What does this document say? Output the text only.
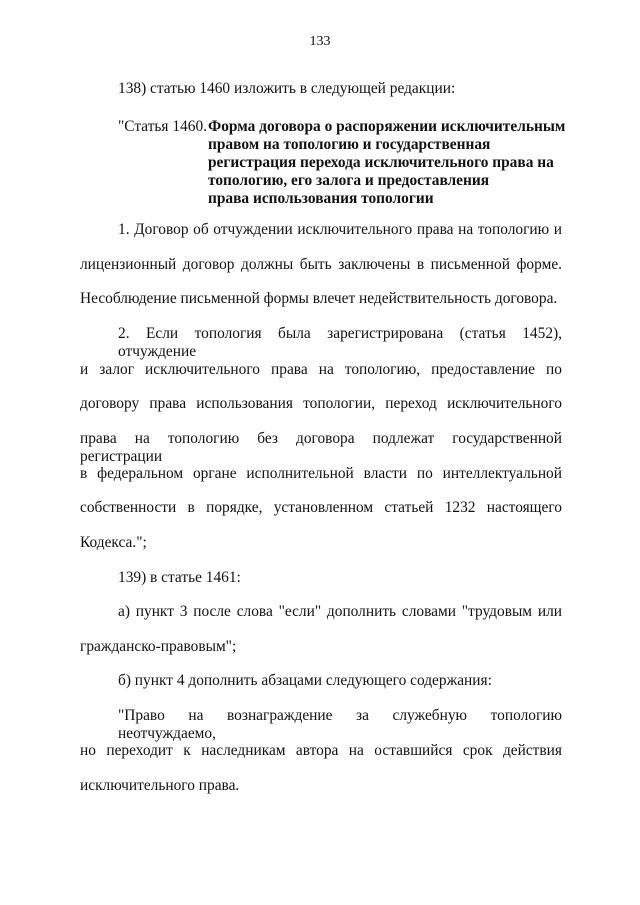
133
138) статью 1460 изложить в следующей редакции:
"Статья 1460. Форма договора о распоряжении исключительным
правом на топологию и государственная
регистрация перехода исключительного права на
топологию, его залога и предоставления
права использования топологии
1. Договор об отчуждении исключительного права на топологию и
лицензионный договор должны быть заключены в письменной форме.
Несоблюдение письменной формы влечет недействительность договора.
2. Если топология была зарегистрирована (статья 1452), отчуждение
и залог исключительного права на топологию, предоставление по
договору права использования топологии, переход исключительного
права на топологию без договора подлежат государственной регистрации
в федеральном органе исполнительной власти по интеллектуальной
собственности в порядке, установленном статьей 1232 настоящего
Кодекса.";
139) в статье 1461:
а) пункт 3 после слова "если" дополнить словами "трудовым или
гражданско-правовым";
б) пункт 4 дополнить абзацами следующего содержания:
"Право на вознаграждение за служебную топологию неотчуждаемо,
но переходит к наследникам автора на оставшийся срок действия
исключительного права.
